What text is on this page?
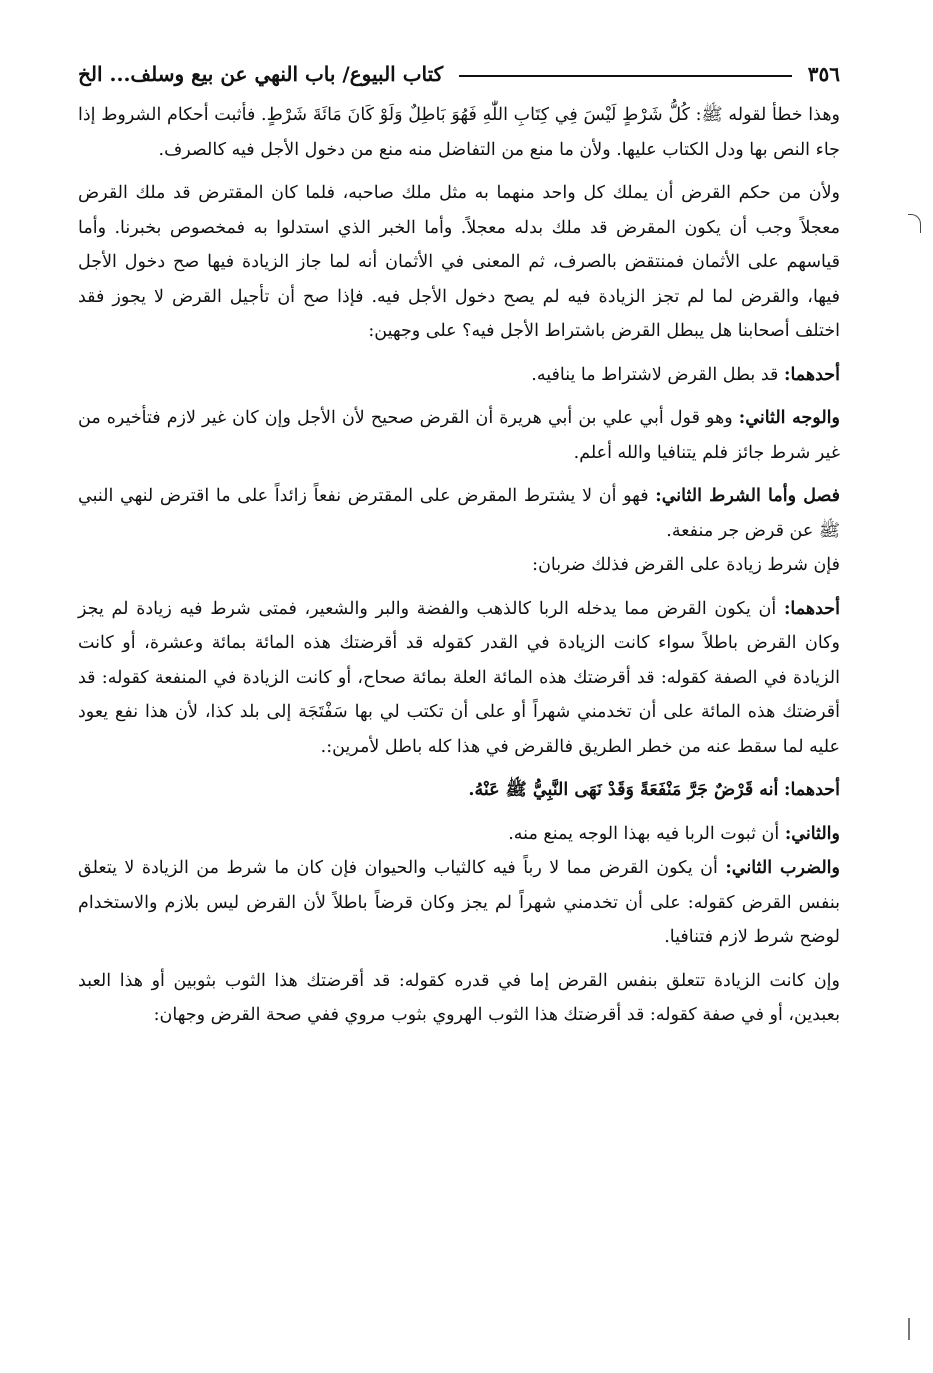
٣٥٦
كتاب البيوع/ باب النهي عن بيع وسلف... الخ

وهذا خطأ لقوله ﷺ: كُلُّ شَرْطٍ لَيْسَ فِي كِتَابِ اللّٰهِ فَهُوَ بَاطِلٌ وَلَوْ كَانَ مَائَةَ شَرْطٍ. فأثبت أحكام الشروط إذا جاء النص بها ودل الكتاب عليها. ولأن ما منع من التفاضل منه منع من دخول الأجل فيه كالصرف.

ولأن من حكم القرض أن يملك كل واحد منهما به مثل ملك صاحبه، فلما كان المقترض قد ملك القرض معجلاً وجب أن يكون المقرض قد ملك بدله معجلاً. وأما الخبر الذي استدلوا به فمخصوص بخبرنا. وأما قياسهم على الأثمان فمنتقض بالصرف، ثم المعنى في الأثمان أنه لما جاز الزيادة فيها صح دخول الأجل فيها، والقرض لما لم تجز الزيادة فيه لم يصح دخول الأجل فيه. فإذا صح أن تأجيل القرض لا يجوز فقد اختلف أصحابنا هل يبطل القرض باشتراط الأجل فيه؟ على وجهين:

أحدهما: قد بطل القرض لاشتراط ما ينافيه.

والوجه الثاني: وهو قول أبي علي بن أبي هريرة أن القرض صحيح لأن الأجل وإن كان غير لازم فتأخيره من غير شرط جائز فلم يتنافيا والله أعلم.

فصل وأما الشرط الثاني: فهو أن لا يشترط المقرض على المقترض نفعاً زائداً على ما اقترض لنهي النبي ﷺ عن قرض جر منفعة.

فإن شرط زيادة على القرض فذلك ضربان:

أحدهما: أن يكون القرض مما يدخله الربا كالذهب والفضة والبر والشعير، فمتى شرط فيه زيادة لم يجز وكان القرض باطلاً سواء كانت الزيادة في القدر كقوله قد أقرضتك هذه المائة بمائة وعشرة، أو كانت الزيادة في الصفة كقوله: قد أقرضتك هذه المائة العلة بمائة صحاح، أو كانت الزيادة في المنفعة كقوله: قد أقرضتك هذه المائة على أن تخدمني شهراً أو على أن تكتب لي بها سَفْتَجَة إلى بلد كذا، لأن هذا نفع يعود عليه لما سقط عنه من خطر الطريق فالقرض في هذا كله باطل لأمرين:.

أحدهما: أنه قَرْضٌ جَرَّ مَنْفَعَةً وَقَدْ نَهَى النَّبِيُّ ﷺ عَنْهُ.

والثاني: أن ثبوت الربا فيه بهذا الوجه يمنع منه.

والضرب الثاني: أن يكون القرض مما لا رباً فيه كالثياب والحيوان فإن كان ما شرط من الزيادة لا يتعلق بنفس القرض كقوله: على أن تخدمني شهراً لم يجز وكان قرضاً باطلاً لأن القرض ليس بلازم والاستخدام لوضح شرط لازم فتنافيا.

وإن كانت الزيادة تتعلق بنفس القرض إما في قدره كقوله: قد أقرضتك هذا الثوب بثوبين أو هذا العبد بعبدين، أو في صفة كقوله: قد أقرضتك هذا الثوب الهروي بثوب مروي ففي صحة القرض وجهان:
